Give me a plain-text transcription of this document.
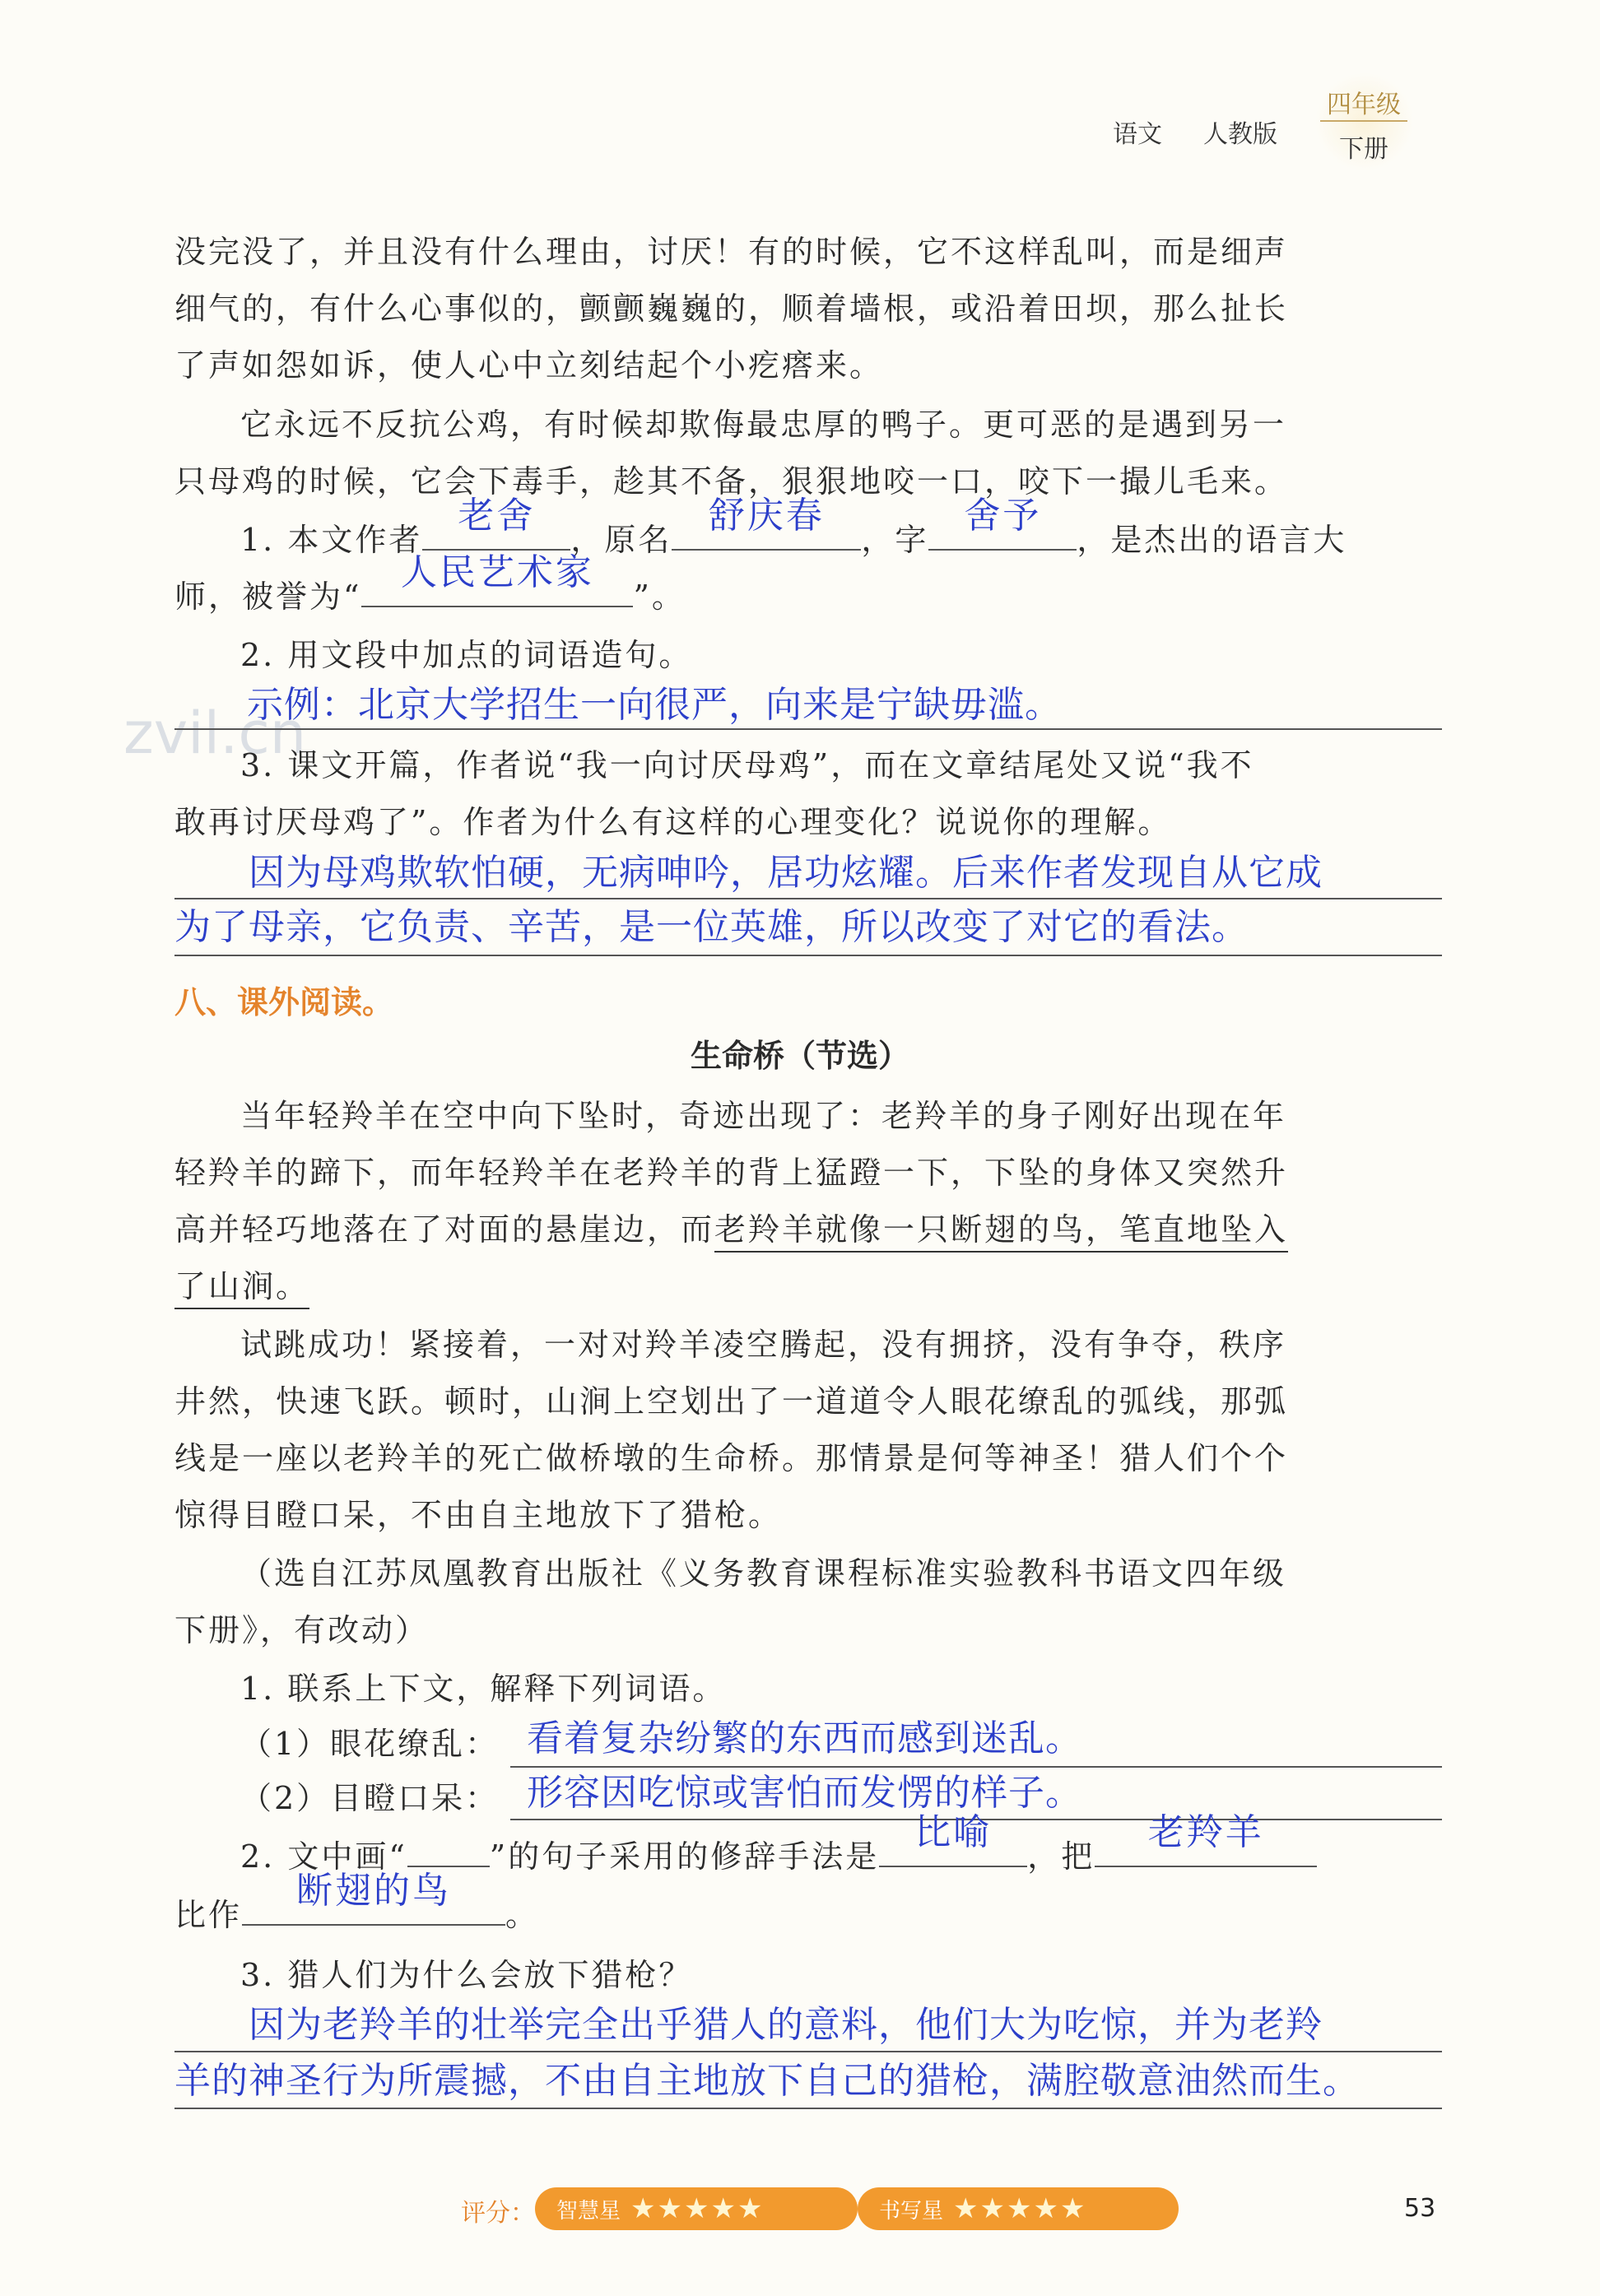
语文 人教版
四年级
下册
zvil.cn
没完没了，并且没有什么理由，讨厌！有的时候，它不这样乱叫，而是细声
细气的，有什么心事似的，颤颤巍巍的，顺着墙根，或沿着田坝，那么扯长
了声如怨如诉，使人心中立刻结起个小疙瘩来。
它永远不反抗公鸡，有时候却欺侮最忠厚的鸭子。更可恶的是遇到另一
只母鸡的时候，它会下毒手，趁其不备，狠狠地咬一口，咬下一撮儿毛来。
1. 本文作者
老舍
，原名
舒庆春
，字
舍予
，是杰出的语言大
师，被誉为“
人民艺术家
”。
2. 用文段中加点的词语造句。
示例：北京大学招生一向很严，向来是宁缺毋滥。
3. 课文开篇，作者说“我一向讨厌母鸡”，而在文章结尾处又说“我不
敢再讨厌母鸡了”。作者为什么有这样的心理变化？说说你的理解。
因为母鸡欺软怕硬，无病呻吟，居功炫耀。后来作者发现自从它成
为了母亲，它负责、辛苦，是一位英雄，所以改变了对它的看法。
八、课外阅读。
生命桥（节选）
当年轻羚羊在空中向下坠时，奇迹出现了：老羚羊的身子刚好出现在年
轻羚羊的蹄下，而年轻羚羊在老羚羊的背上猛蹬一下，下坠的身体又突然升
高并轻巧地落在了对面的悬崖边，而老羚羊就像一只断翅的鸟，笔直地坠入
了山涧。
试跳成功！紧接着，一对对羚羊凌空腾起，没有拥挤，没有争夺，秩序
井然，快速飞跃。顿时，山涧上空划出了一道道令人眼花缭乱的弧线，那弧
线是一座以老羚羊的死亡做桥墩的生命桥。那情景是何等神圣！猎人们个个
惊得目瞪口呆，不由自主地放下了猎枪。
（选自江苏凤凰教育出版社《义务教育课程标准实验教科书语文四年级
下册》，有改动）
1. 联系上下文，解释下列词语。
（1）眼花缭乱： 看着复杂纷繁的东西而感到迷乱。
（2）目瞪口呆： 形容因吃惊或害怕而发愣的样子。
2. 文中画“	”的句子采用的修辞手法是
比喻
，把
老羚羊
比作
断翅的鸟
。
3. 猎人们为什么会放下猎枪？
因为老羚羊的壮举完全出乎猎人的意料，他们大为吃惊，并为老羚
羊的神圣行为所震撼，不由自主地放下自己的猎枪，满腔敬意油然而生。
评分：	智慧星 ★★★★★	书写星 ★★★★★	53
